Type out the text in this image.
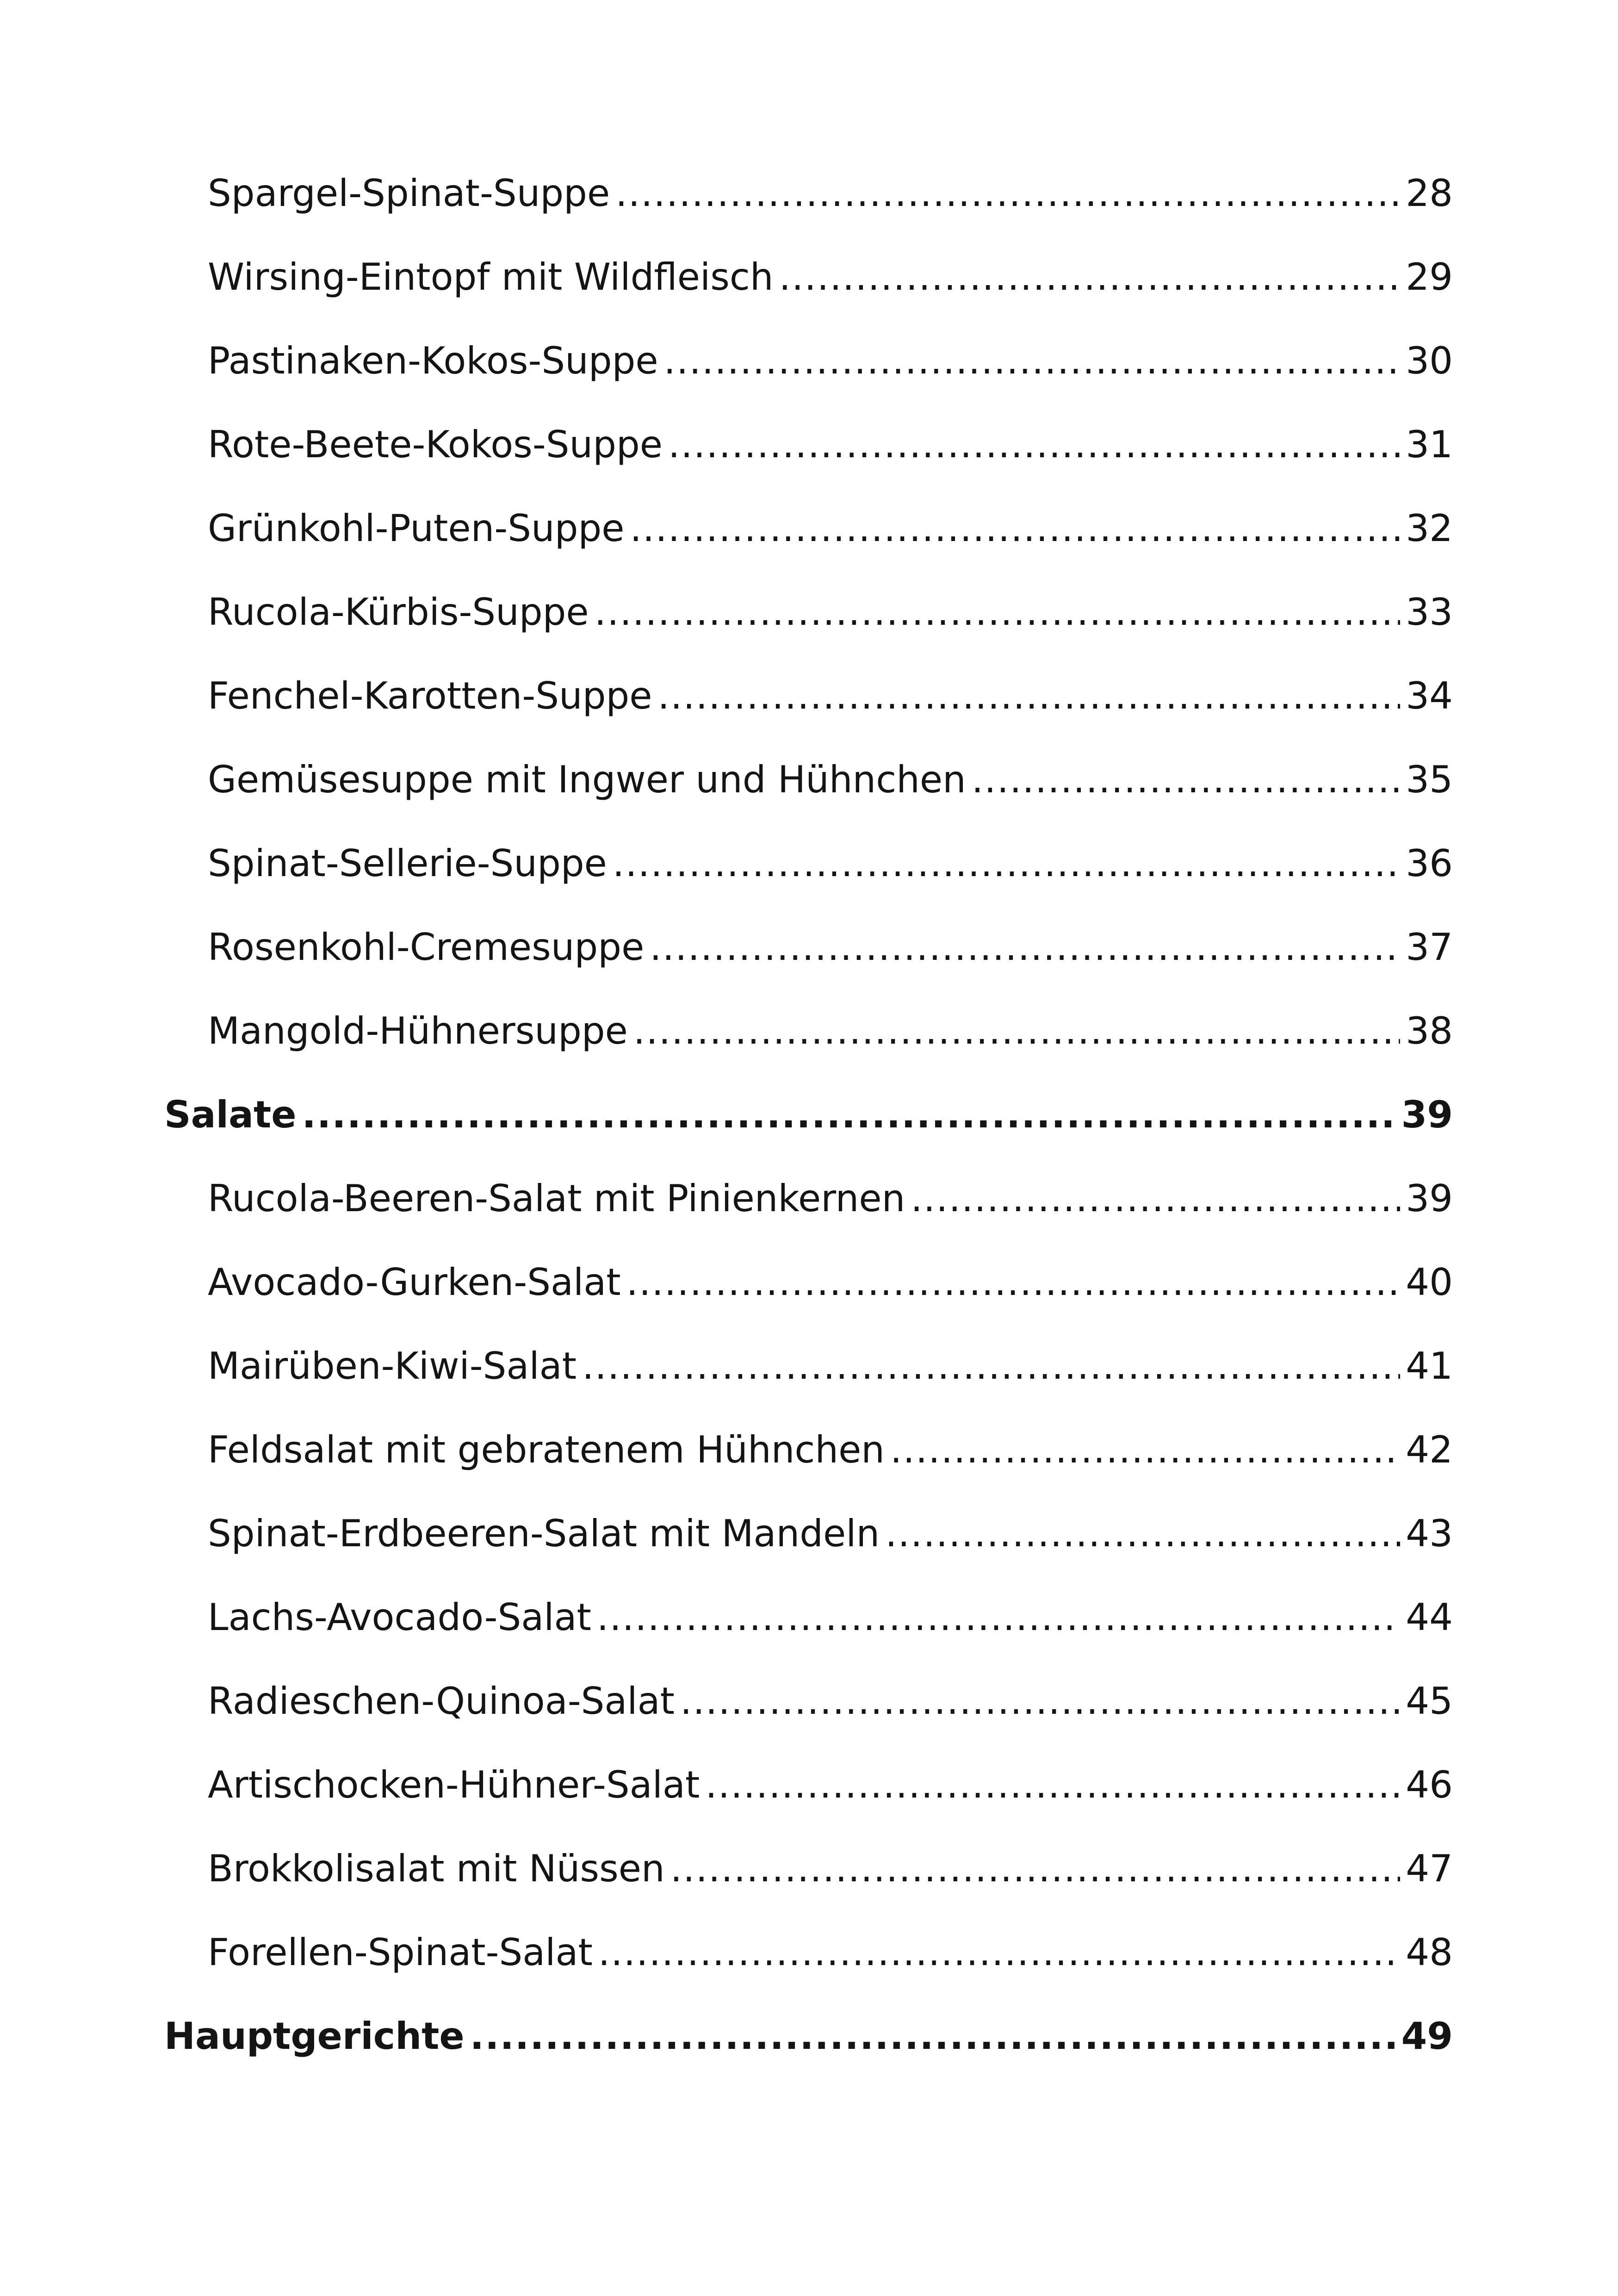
Spargel-Spinat-Suppe .....	28
Wirsing-Eintopf mit Wildfleisch .....	29
Pastinaken-Kokos-Suppe .....	30
Rote-Beete-Kokos-Suppe .....	31
Grünkohl-Puten-Suppe .....	32
Rucola-Kürbis-Suppe .....	33
Fenchel-Karotten-Suppe .....	34
Gemüsesuppe mit Ingwer und Hühnchen .....	35
Spinat-Sellerie-Suppe .....	36
Rosenkohl-Cremesuppe .....	37
Mangold-Hühnersuppe .....	38
Salate .....	39
Rucola-Beeren-Salat mit Pinienkernen .....	39
Avocado-Gurken-Salat .....	40
Mairüben-Kiwi-Salat .....	41
Feldsalat mit gebratenem Hühnchen .....	42
Spinat-Erdbeeren-Salat mit Mandeln .....	43
Lachs-Avocado-Salat .....	44
Radieschen-Quinoa-Salat .....	45
Artischocken-Hühner-Salat .....	46
Brokkolisalat mit Nüssen .....	47
Forellen-Spinat-Salat .....	48
Hauptgerichte .....	49
